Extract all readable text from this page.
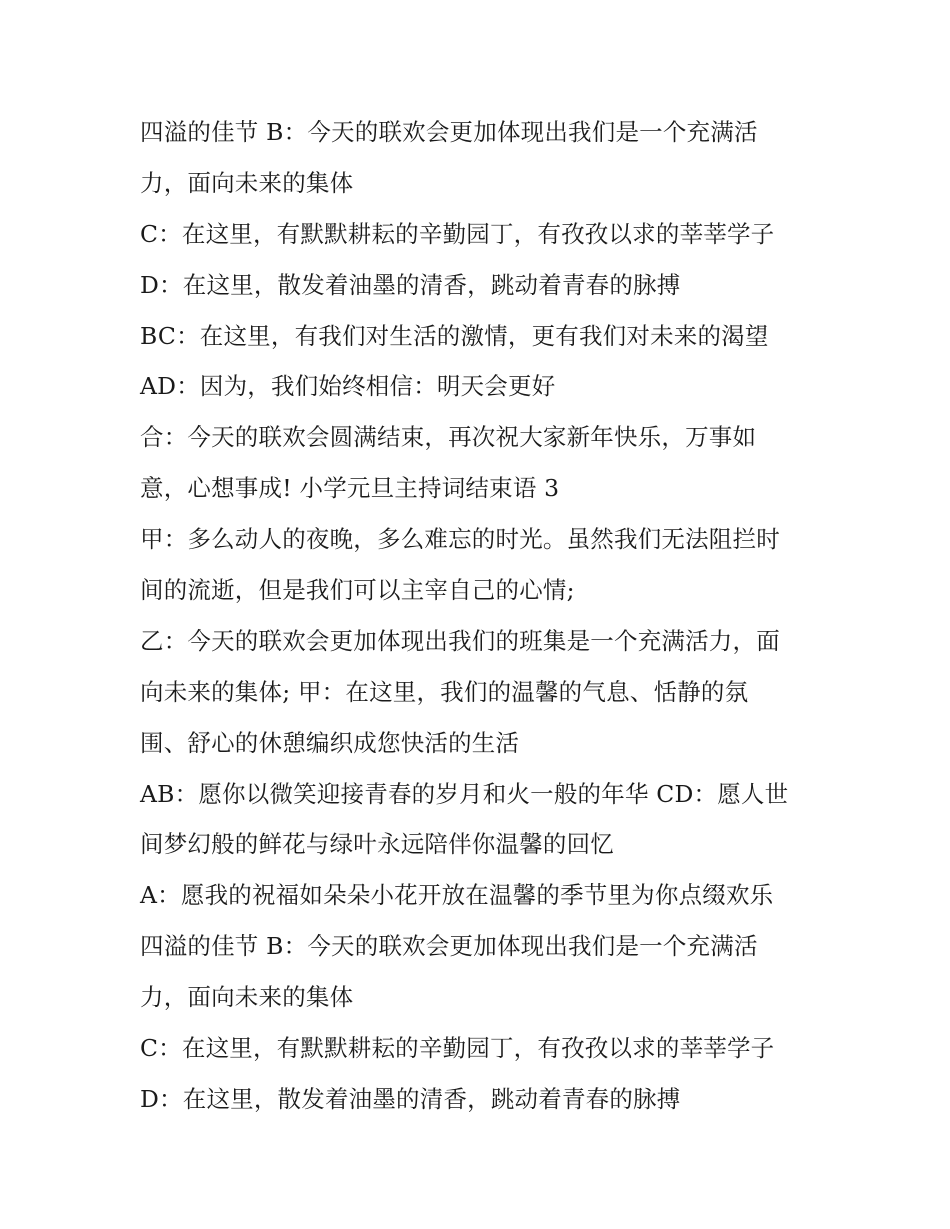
四溢的佳节 B：今天的联欢会更加体现出我们是一个充满活
力，面向未来的集体
C：在这里，有默默耕耘的辛勤园丁，有孜孜以求的莘莘学子
D：在这里，散发着油墨的清香，跳动着青春的脉搏
BC：在这里，有我们对生活的激情，更有我们对未来的渴望
AD：因为，我们始终相信：明天会更好
合：今天的联欢会圆满结束，再次祝大家新年快乐，万事如
意，心想事成! 小学元旦主持词结束语 3
甲：多么动人的夜晚，多么难忘的时光。虽然我们无法阻拦时
间的流逝，但是我们可以主宰自己的心情;
乙：今天的联欢会更加体现出我们的班集是一个充满活力，面
向未来的集体; 甲：在这里，我们的温馨的气息、恬静的氛
围、舒心的休憩编织成您快活的生活
AB：愿你以微笑迎接青春的岁月和火一般的年华 CD：愿人世
间梦幻般的鲜花与绿叶永远陪伴你温馨的回忆
A：愿我的祝福如朵朵小花开放在温馨的季节里为你点缀欢乐
四溢的佳节 B：今天的联欢会更加体现出我们是一个充满活
力，面向未来的集体
C：在这里，有默默耕耘的辛勤园丁，有孜孜以求的莘莘学子
D：在这里，散发着油墨的清香，跳动着青春的脉搏
